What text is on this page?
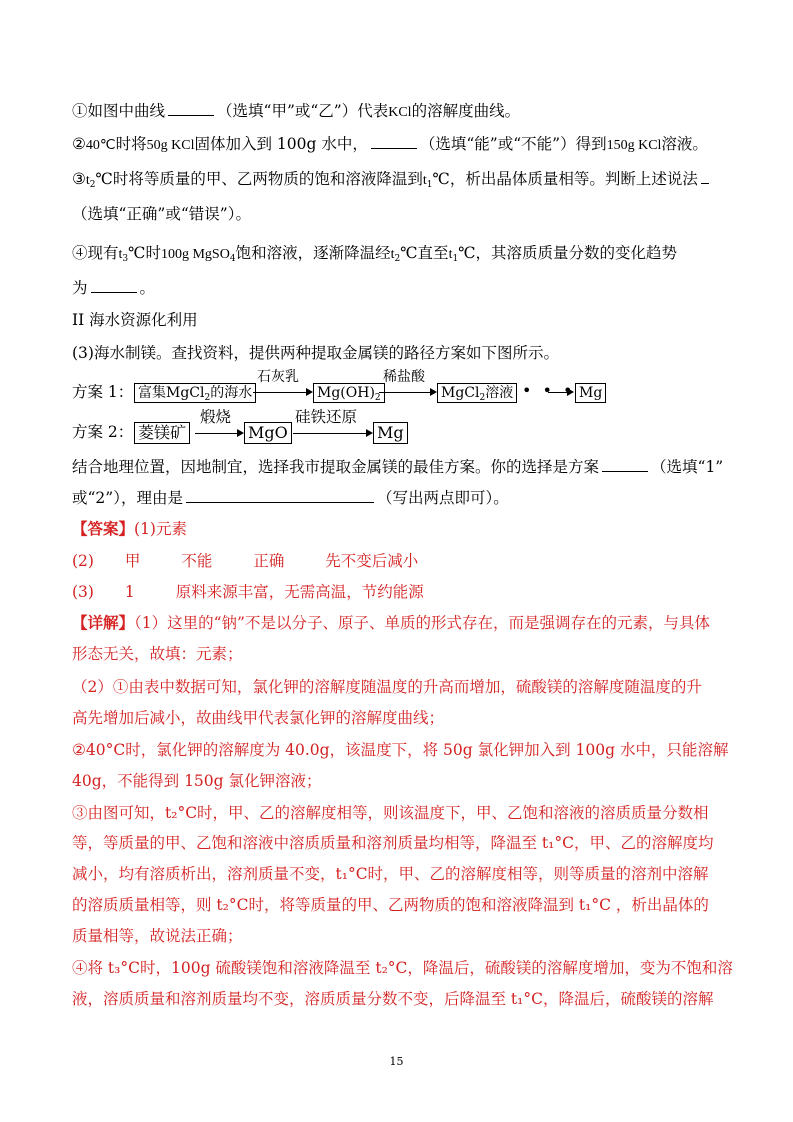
①如图中曲线	（选填“甲”或“乙”）代表KCl的溶解度曲线。
②40℃时将50g KCl固体加入到 100g 水中，	（选填“能”或“不能”）得到150g KCl溶液。
$③t_2℃$时将等质量的甲、乙两物质的饱和溶液降温到$t_1℃$，析出晶体质量相等。判断上述说法
（选填“正确”或“错误”）。
④现有$t_3℃$时100g MgSO$_4$饱和溶液，逐渐降温经$t_2℃$直至$t_1℃$，其溶质质量分数的变化趋势
为	。
II 海水资源化利用
(3)海水制镁。查找资料，提供两种提取金属镁的路径方案如下图所示。
方案 1： 富集MgCl$_2$的海水
石灰乳
$Mg(OH)_2$
稀盐酸
MgCl$_2$溶液 • • • Mg
方案 2： 菱镁矿
煅烧
MgO
硅铁还原
Mg
结合地理位置，因地制宜，选择我市提取金属镁的最佳方案。你的选择是方案	（选填“1”
或“2”），理由是	（写出两点即可）。
【答案】(1)元素
(2) 甲	不能	正确	先不变后减小
(3) 1	原料来源丰富，无需高温，节约能源
【详解】（1）这里的“钠”不是以分子、原子、单质的形式存在，而是强调存在的元素，与具体
形态无关，故填：元素；
（2）①由表中数据可知，氯化钾的溶解度随温度的升高而增加，硫酸镁的溶解度随温度的升
高先增加后减小，故曲线甲代表氯化钾的溶解度曲线；
②40°C时，氯化钾的溶解度为 40.0g，该温度下，将 50g 氯化钾加入到 100g 水中，只能溶解
40g，不能得到 150g 氯化钾溶液；
③由图可知，t₂°C时，甲、乙的溶解度相等，则该温度下，甲、乙饱和溶液的溶质质量分数相
等，等质量的甲、乙饱和溶液中溶质质量和溶剂质量均相等，降温至 t₁°C，甲、乙的溶解度均
减小，均有溶质析出，溶剂质量不变，t₁°C时，甲、乙的溶解度相等，则等质量的溶剂中溶解
的溶质质量相等，则 t₂°C时，将等质量的甲、乙两物质的饱和溶液降温到 t₁°C ，析出晶体的
质量相等，故说法正确；
④将 t₃°C时，100g 硫酸镁饱和溶液降温至 t₂°C，降温后，硫酸镁的溶解度增加，变为不饱和溶
液，溶质质量和溶剂质量均不变，溶质质量分数不变，后降温至 t₁°C，降温后，硫酸镁的溶解
15
